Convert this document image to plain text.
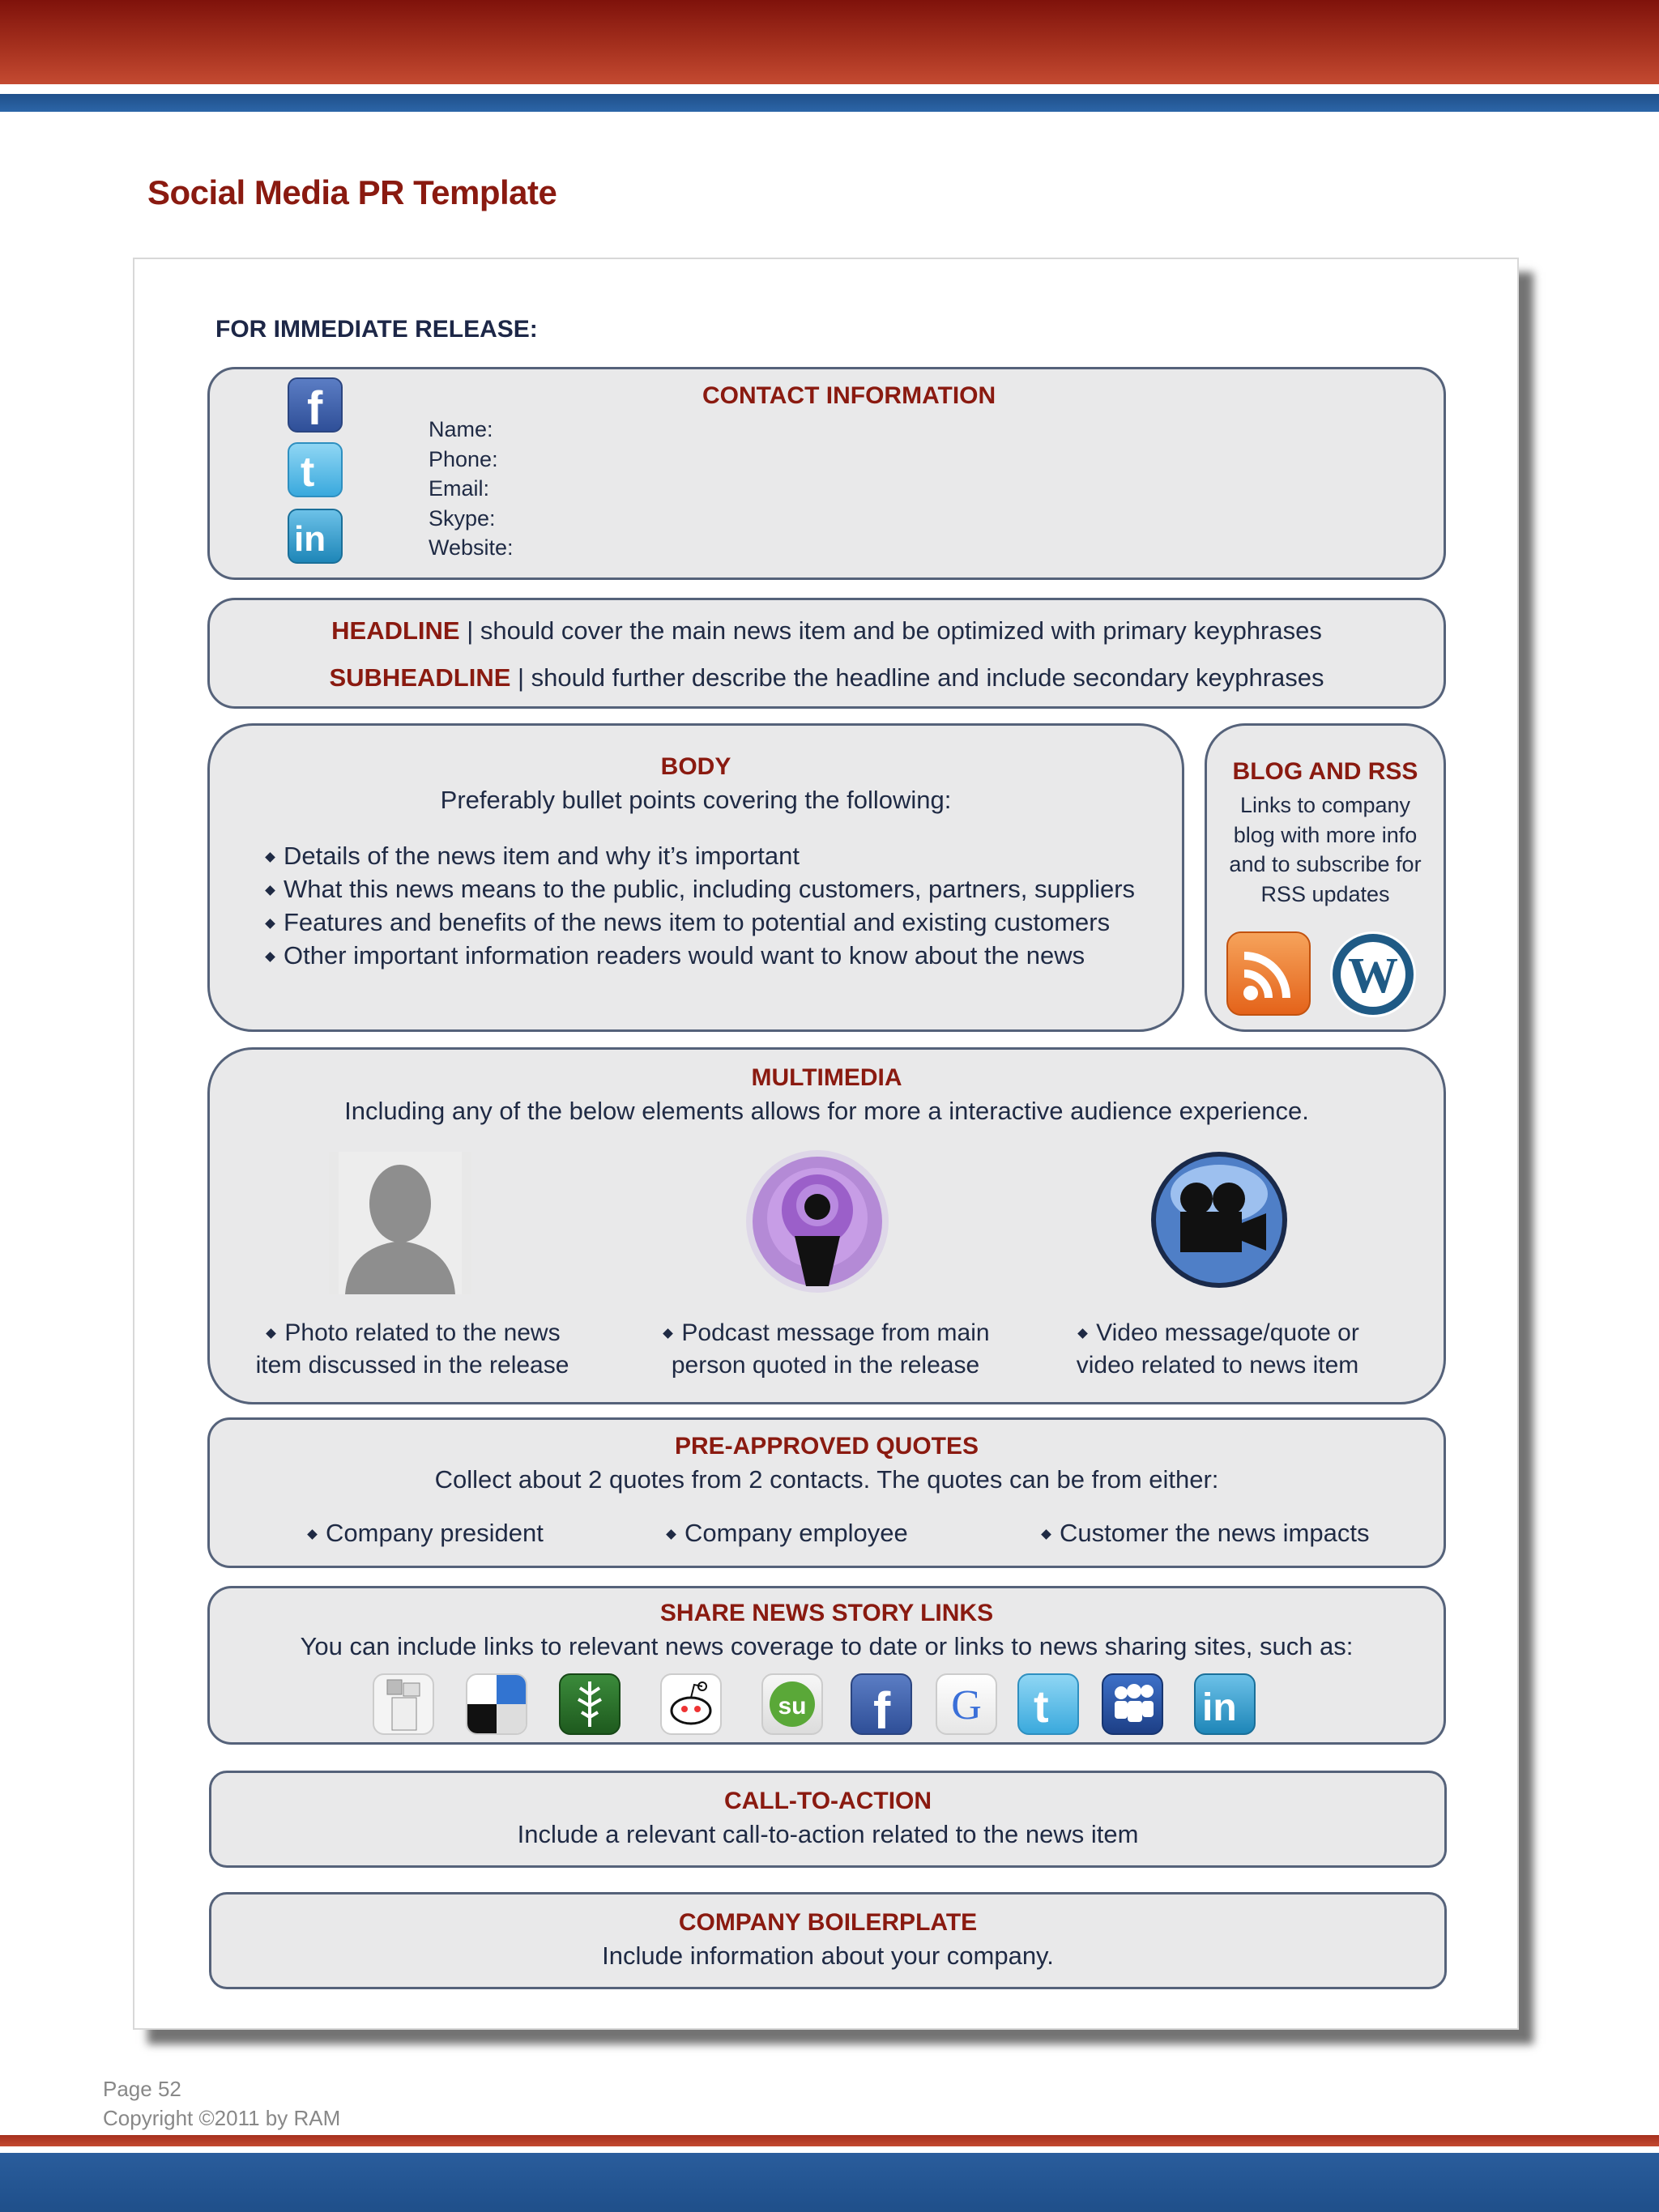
Social Media PR Template
FOR IMMEDIATE RELEASE:
CONTACT INFORMATION
Name:
Phone:
Email:
Skype:
Website:
f
t
in
HEADLINE | should cover the main news item and be optimized with primary keyphrases
SUBHEADLINE | should further describe the headline and include secondary keyphrases
BODY
Preferably bullet points covering the following:
Details of the news item and why it’s important
What this news means to the public, including customers, partners, suppliers
Features and benefits of the news item to potential and existing customers
Other important information readers would want to know about the news
BLOG AND RSS
Links to company
blog with more info
and to subscribe for
RSS updates
W
MULTIMEDIA
Including any of the below elements allows for more a interactive audience experience.
Photo related to the news
item discussed in the release
Podcast message from main
person quoted in the release
Video message/quote or
video related to news item
PRE-APPROVED QUOTES
Collect about 2 quotes from 2 contacts. The quotes can be from either:
Company president	Company employee	Customer the news impacts
SHARE NEWS STORY LINKS
You can include links to relevant news coverage to date or links to news sharing sites, such as:
su f G t	in
CALL-TO-ACTION
Include a relevant call-to-action related to the news item
COMPANY BOILERPLATE
Include information about your company.
Page 52
Copyright ©2011 by RAM
